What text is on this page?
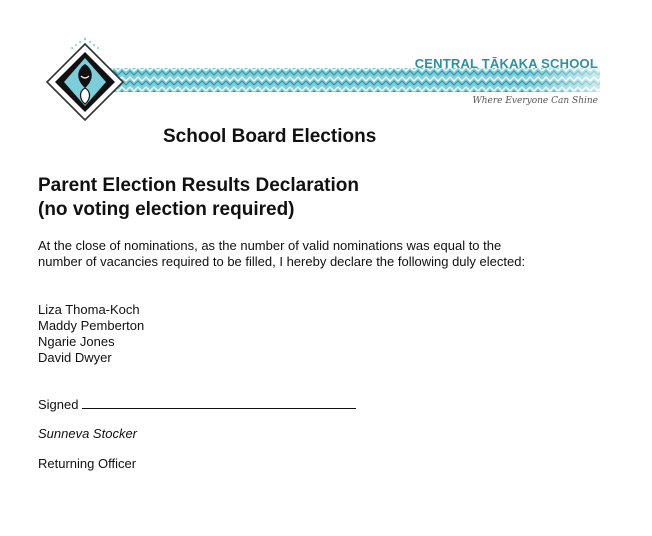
CENTRAL TĀKAKA SCHOOL
Where Everyone Can Shine
School Board Elections
Parent Election Results Declaration
(no voting election required)
At the close of nominations, as the number of valid nominations was equal to the number of vacancies required to be filled, I hereby declare the following duly elected:
Liza Thoma-Koch
Maddy Pemberton
Ngarie Jones
David Dwyer
Signed
Sunneva Stocker
Returning Officer
